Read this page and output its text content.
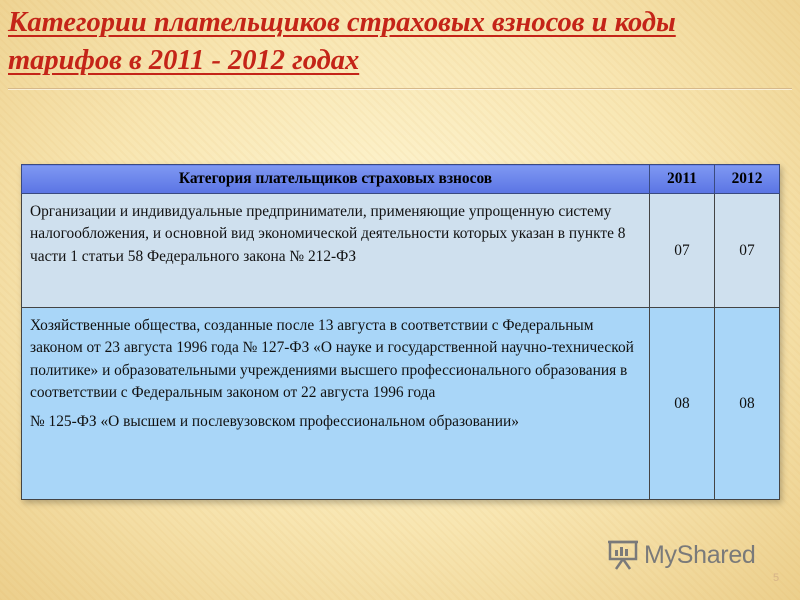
Категории плательщиков страховых взносов и коды
тарифов в 2011 - 2012 годах
Категория плательщиков страховых взносов	2011	2012
Организации и индивидуальные предприниматели, применяющие упрощенную систему налогообложения, и основной вид экономической деятельности которых указан в пункте 8 части 1 статьи 58 Федерального закона № 212-ФЗ	07	07
Хозяйственные общества, созданные после 13 августа в соответствии с Федеральным законом от 23 августа 1996 года № 127-ФЗ «О науке и государственной научно-технической политике» и образовательными учреждениями высшего профессионального образования в соответствии с Федеральным законом от 22 августа 1996 года
№ 125-ФЗ «О высшем и послевузовском профессиональном образовании»	08	08
MyShared
5
